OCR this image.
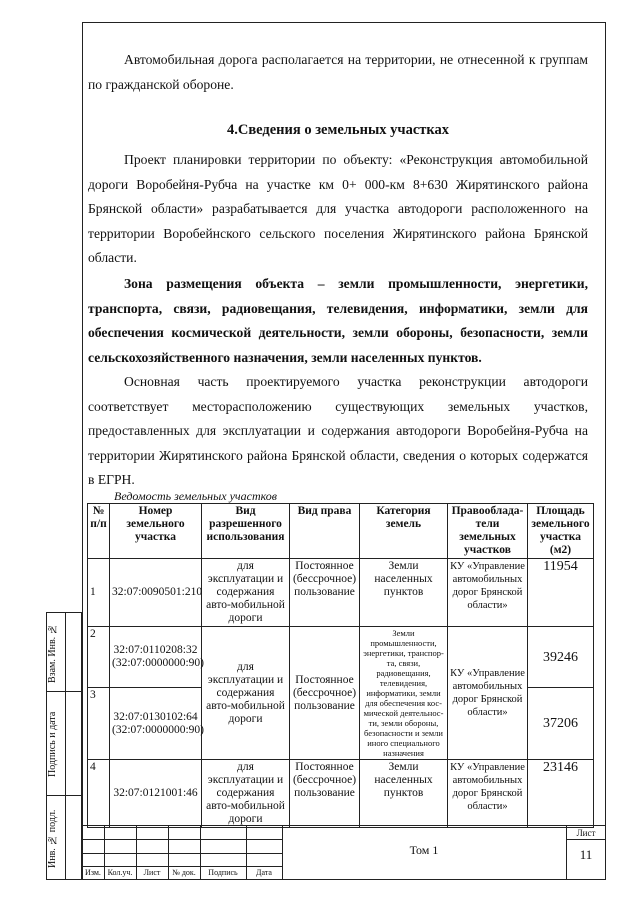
Автомобильная дорога располагается на территории, не отнесенной к группам по гражданской обороне.
4.Сведения о земельных участках
Проект планировки территории по объекту: «Реконструкция автомобильной дороги Воробейня-Рубча на участке км 0+ 000-км 8+630 Жирятинского района Брянской области» разрабатывается для участка автодороги расположенного на территории Воробейнского сельского поселения Жирятинского района Брянской области.
Зона размещения объекта – земли промышленности, энергетики, транспорта, связи, радиовещания, телевидения, информатики, земли для обеспечения космической деятельности, земли обороны, безопасности, земли сельскохозяйственного назначения, земли населенных пунктов.
Основная часть проектируемого участка реконструкции автодороги соответствует месторасположению существующих земельных участков, предоставленных для эксплуатации и содержания автодороги Воробейня-Рубча на территории Жирятинского района Брянской области, сведения о которых содержатся в ЕГРН.
Ведомость земельных участков
№ п/п	Номер земельного участка	Вид разрешенного использования	Вид права	Категория земель	Правооблада-тели земельных участков	Площадь земельного участка (м2)
1	32:07:0090501:210	для эксплуатации и содержания авто-мобильной дороги	Постоянное (бессрочное) пользование	Земли населенных пунктов	КУ «Управление автомобильных дорог Брянской области»	11954
2	32:07:0110208:32 (32:07:0000000:90)	для эксплуатации и содержания авто-мобильной дороги	Постоянное (бессрочное) пользование	Земли промышленности, энергетики, транспор-та, связи, радиовещания, телевидения, информатики, земли для обеспечения кос-мической деятельнос-ти, земли обороны, безопасности и земли иного специального назначения	КУ «Управление автомобильных дорог Брянской области»	39246
3	32:07:0130102:64 (32:07:0000000:90)					37206
4	32:07:0121001:46	для эксплуатации и содержания авто-мобильной дороги	Постоянное (бессрочное) пользование	Земли населенных пунктов	КУ «Управление автомобильных дорог Брянской области»	23146
Взам. Инв. №
Подпись и дата
Инв. № подл.
Изм. Кол.уч.	Лист	№ док.	Подпись	Дата
Том 1
Лист
11
